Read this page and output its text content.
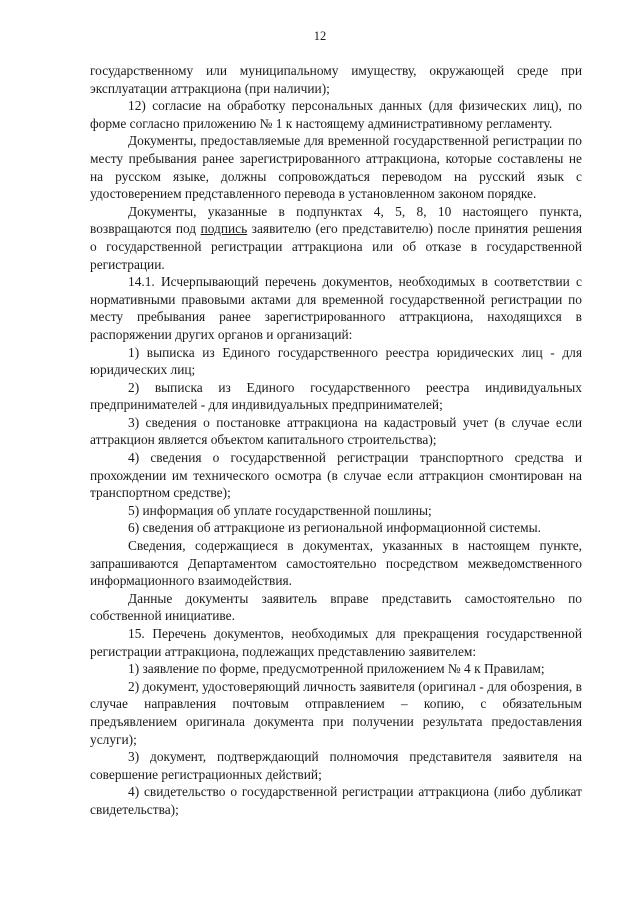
12

государственному или муниципальному имуществу, окружающей среде при эксплуатации аттракциона (при наличии);

12) согласие на обработку персональных данных (для физических лиц), по форме согласно приложению № 1 к настоящему административному регламенту.

Документы, предоставляемые для временной государственной регистрации по месту пребывания ранее зарегистрированного аттракциона, которые составлены не на русском языке, должны сопровождаться переводом на русский язык с удостоверением представленного перевода в установленном законом порядке.

Документы, указанные в подпунктах 4, 5, 8, 10 настоящего пункта, возвращаются под подпись заявителю (его представителю) после принятия решения о государственной регистрации аттракциона или об отказе в государственной регистрации.

14.1. Исчерпывающий перечень документов, необходимых в соответствии с нормативными правовыми актами для временной государственной регистрации по месту пребывания ранее зарегистрированного аттракциона, находящихся в распоряжении других органов и организаций:

1) выписка из Единого государственного реестра юридических лиц - для юридических лиц;

2) выписка из Единого государственного реестра индивидуальных предпринимателей - для индивидуальных предпринимателей;

3) сведения о постановке аттракциона на кадастровый учет (в случае если аттракцион является объектом капитального строительства);

4) сведения о государственной регистрации транспортного средства и прохождении им технического осмотра (в случае если аттракцион смонтирован на транспортном средстве);

5) информация об уплате государственной пошлины;

6) сведения об аттракционе из региональной информационной системы.

Сведения, содержащиеся в документах, указанных в настоящем пункте, запрашиваются Департаментом самостоятельно посредством межведомственного информационного взаимодействия.

Данные документы заявитель вправе представить самостоятельно по собственной инициативе.

15. Перечень документов, необходимых для прекращения государственной регистрации аттракциона, подлежащих представлению заявителем:

1) заявление по форме, предусмотренной приложением № 4 к Правилам;

2) документ, удостоверяющий личность заявителя (оригинал - для обозрения, в случае направления почтовым отправлением – копию, с обязательным предъявлением оригинала документа при получении результата предоставления услуги);

3) документ, подтверждающий полномочия представителя заявителя на совершение регистрационных действий;

4) свидетельство о государственной регистрации аттракциона (либо дубликат свидетельства);
